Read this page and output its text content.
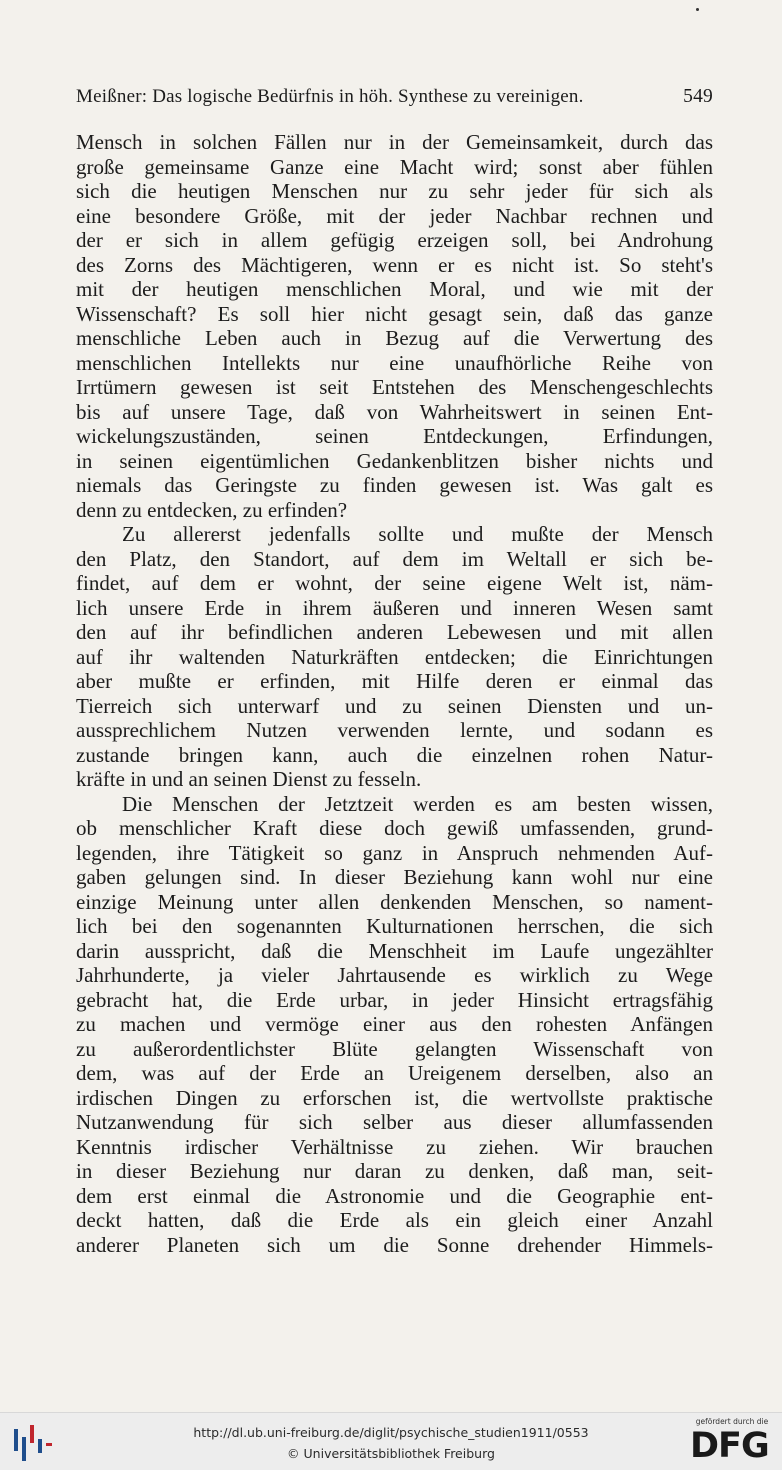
Meißner: Das logische Bedürfnis in höh. Synthese zu vereinigen.	549
Mensch in solchen Fällen nur in der Gemeinsamkeit, durch das
große gemeinsame Ganze eine Macht wird; sonst aber fühlen
sich die heutigen Menschen nur zu sehr jeder für sich als
eine besondere Größe, mit der jeder Nachbar rechnen und
der er sich in allem gefügig erzeigen soll, bei Androhung
des Zorns des Mächtigeren, wenn er es nicht ist. So steht's
mit der heutigen menschlichen Moral, und wie mit der
Wissenschaft? Es soll hier nicht gesagt sein, daß das ganze
menschliche Leben auch in Bezug auf die Verwertung des
menschlichen Intellekts nur eine unaufhörliche Reihe von
Irrtümern gewesen ist seit Entstehen des Menschengeschlechts
bis auf unsere Tage, daß von Wahrheitswert in seinen Ent-
wickelungszuständen, seinen Entdeckungen, Erfindungen,
in seinen eigentümlichen Gedankenblitzen bisher nichts und
niemals das Geringste zu finden gewesen ist. Was galt es
denn zu entdecken, zu erfinden?
Zu allererst jedenfalls sollte und mußte der Mensch
den Platz, den Standort, auf dem im Weltall er sich be-
findet, auf dem er wohnt, der seine eigene Welt ist, näm-
lich unsere Erde in ihrem äußeren und inneren Wesen samt
den auf ihr befindlichen anderen Lebewesen und mit allen
auf ihr waltenden Naturkräften entdecken; die Einrichtungen
aber mußte er erfinden, mit Hilfe deren er einmal das
Tierreich sich unterwarf und zu seinen Diensten und un-
aussprechlichem Nutzen verwenden lernte, und sodann es
zustande bringen kann, auch die einzelnen rohen Natur-
kräfte in und an seinen Dienst zu fesseln.
Die Menschen der Jetztzeit werden es am besten wissen,
ob menschlicher Kraft diese doch gewiß umfassenden, grund-
legenden, ihre Tätigkeit so ganz in Anspruch nehmenden Auf-
gaben gelungen sind. In dieser Beziehung kann wohl nur eine
einzige Meinung unter allen denkenden Menschen, so nament-
lich bei den sogenannten Kulturnationen herrschen, die sich
darin ausspricht, daß die Menschheit im Laufe ungezählter
Jahrhunderte, ja vieler Jahrtausende es wirklich zu Wege
gebracht hat, die Erde urbar, in jeder Hinsicht ertragsfähig
zu machen und vermöge einer aus den rohesten Anfängen
zu außerordentlichster Blüte gelangten Wissenschaft von
dem, was auf der Erde an Ureigenem derselben, also an
irdischen Dingen zu erforschen ist, die wertvollste praktische
Nutzanwendung für sich selber aus dieser allumfassenden
Kenntnis irdischer Verhältnisse zu ziehen. Wir brauchen
in dieser Beziehung nur daran zu denken, daß man, seit-
dem erst einmal die Astronomie und die Geographie ent-
deckt hatten, daß die Erde als ein gleich einer Anzahl
anderer Planeten sich um die Sonne drehender Himmels-
http://dl.ub.uni-freiburg.de/diglit/psychische_studien1911/0553
© Universitätsbibliothek Freiburg
gefördert durch die
DFG
